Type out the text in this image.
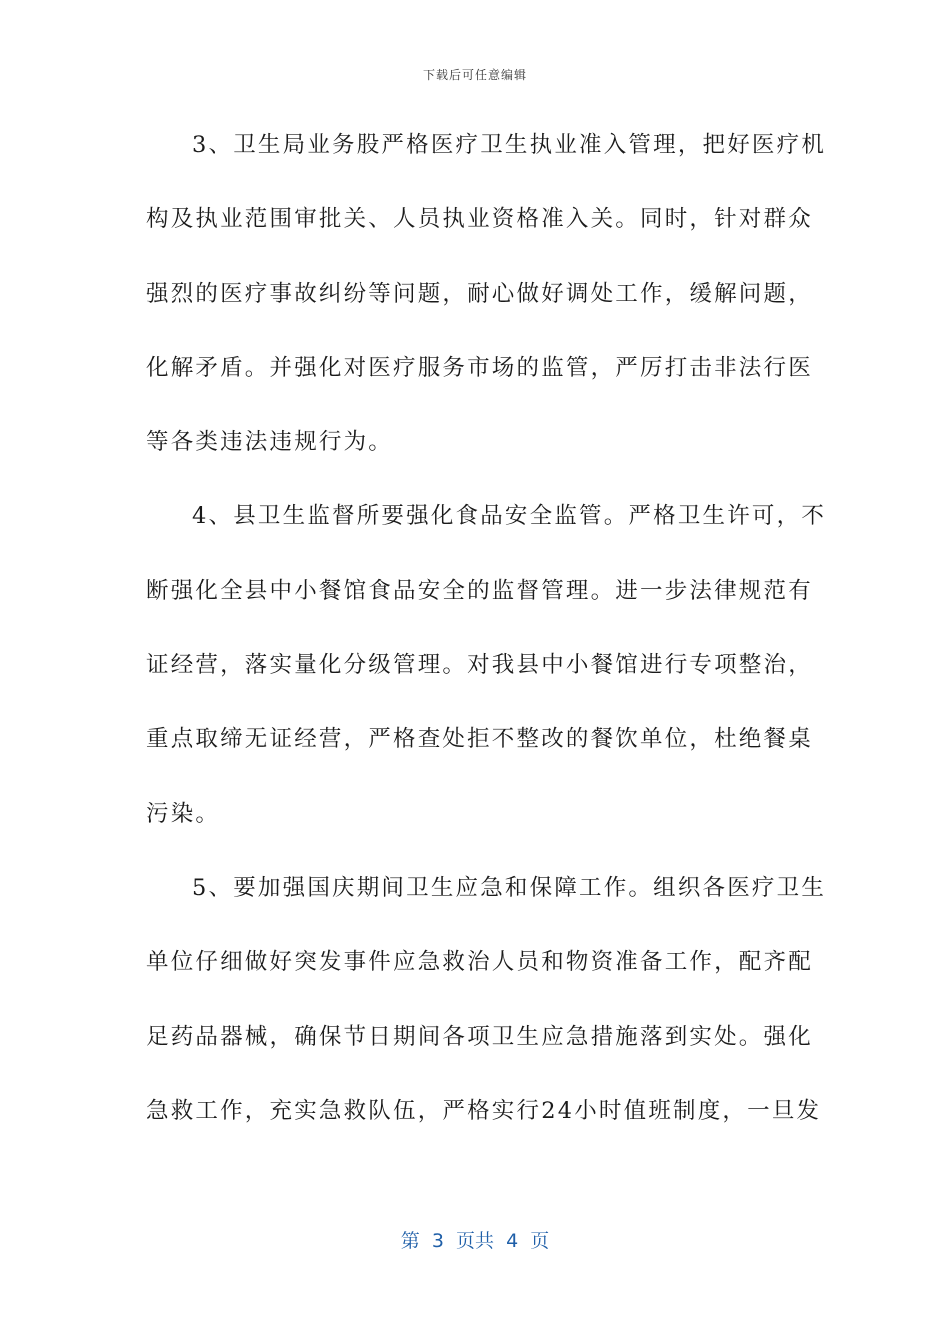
下载后可任意编辑
3、卫生局业务股严格医疗卫生执业准入管理，把好医疗机
构及执业范围审批关、人员执业资格准入关。同时，针对群众
强烈的医疗事故纠纷等问题，耐心做好调处工作，缓解问题，
化解矛盾。并强化对医疗服务市场的监管，严厉打击非法行医
等各类违法违规行为。
4、县卫生监督所要强化食品安全监管。严格卫生许可，不
断强化全县中小餐馆食品安全的监督管理。进一步法律规范有
证经营，落实量化分级管理。对我县中小餐馆进行专项整治，
重点取缔无证经营，严格查处拒不整改的餐饮单位，杜绝餐桌
污染。
5、要加强国庆期间卫生应急和保障工作。组织各医疗卫生
单位仔细做好突发事件应急救治人员和物资准备工作，配齐配
足药品器械，确保节日期间各项卫生应急措施落到实处。强化
急救工作，充实急救队伍，严格实行24小时值班制度，一旦发
第  3  页共  4  页
